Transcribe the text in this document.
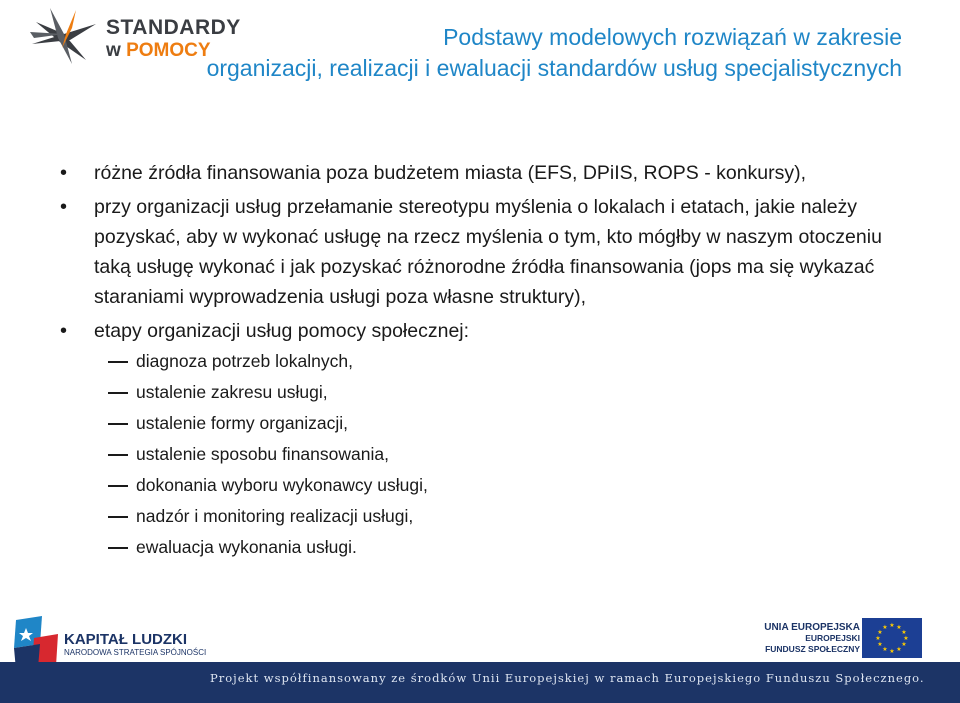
STANDARDY
w POMOCY
Podstawy modelowych rozwiązań w zakresie
organizacji, realizacji i ewaluacji standardów usług specjalistycznych
• różne źródła finansowania poza budżetem miasta (EFS, DPiIS, ROPS - konkursy),
• przy organizacji usług przełamanie stereotypu myślenia o lokalach i etatach, jakie należy pozyskać, aby w wykonać usługę na rzecz myślenia o tym, kto mógłby w naszym otoczeniu taką usługę wykonać i jak pozyskać różnorodne źródła finansowania (jops ma się wykazać staraniami wyprowadzenia usługi poza własne struktury),
• etapy organizacji usług pomocy społecznej:
diagnoza potrzeb lokalnych,
ustalenie zakresu usługi,
ustalenie formy organizacji,
ustalenie sposobu finansowania,
dokonania wyboru wykonawcy usługi,
nadzór i monitoring realizacji usługi,
ewaluacja wykonania usługi.
KAPITAŁ LUDZKI
NARODOWA STRATEGIA SPÓJNOŚCI
UNIA EUROPEJSKA
EUROPEJSKI
FUNDUSZ SPOŁECZNY
★ ★
★
★
★
★
★
★
★
★
★
★
Projekt współfinansowany ze środków Unii Europejskiej w ramach Europejskiego Funduszu Społecznego.
